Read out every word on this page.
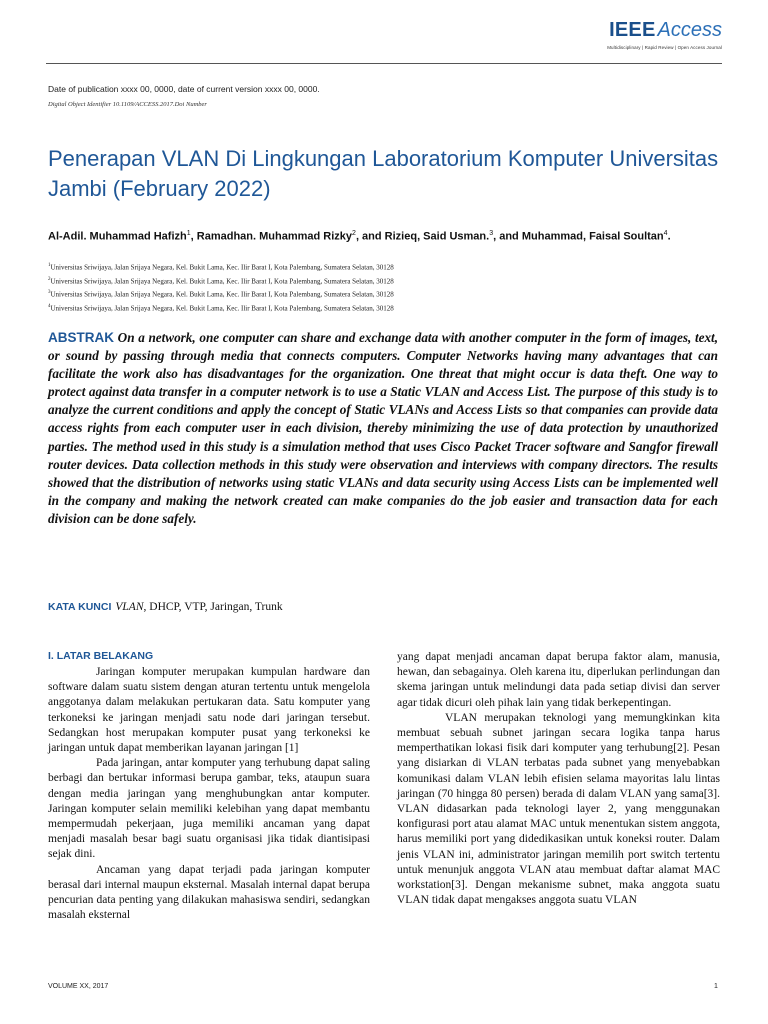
IEEE Access
Multidisciplinary | Rapid Review | Open Access Journal
Date of publication xxxx 00, 0000, date of current version xxxx 00, 0000.
Digital Object Identifier 10.1109/ACCESS.2017.Doi Number
Penerapan VLAN Di Lingkungan Laboratorium Komputer Universitas Jambi (February 2022)
Al-Adil. Muhammad Hafizh$^1$, Ramadhan. Muhammad Rizky$^2$, and Rizieq, Said Usman.$^3$, and Muhammad, Faisal Soultan$^4$.
$^1$Universitas Sriwijaya, Jalan Srijaya Negara, Kel. Bukit Lama, Kec. Ilir Barat I, Kota Palembang, Sumatera Selatan, 30128
$^2$Universitas Sriwijaya, Jalan Srijaya Negara, Kel. Bukit Lama, Kec. Ilir Barat I, Kota Palembang, Sumatera Selatan, 30128
$^3$Universitas Sriwijaya, Jalan Srijaya Negara, Kel. Bukit Lama, Kec. Ilir Barat I, Kota Palembang, Sumatera Selatan, 30128
$^4$Universitas Sriwijaya, Jalan Srijaya Negara, Kel. Bukit Lama, Kec. Ilir Barat I, Kota Palembang, Sumatera Selatan, 30128
ABSTRAK On a network, one computer can share and exchange data with another computer in the form of images, text, or sound by passing through media that connects computers. Computer Networks having many advantages that can facilitate the work also has disadvantages for the organization. One threat that might occur is data theft. One way to protect against data transfer in a computer network is to use a Static VLAN and Access List. The purpose of this study is to analyze the current conditions and apply the concept of Static VLANs and Access Lists so that companies can provide data access rights from each computer user in each division, thereby minimizing the use of data protection by unauthorized parties. The method used in this study is a simulation method that uses Cisco Packet Tracer software and Sangfor firewall router devices. Data collection methods in this study were observation and interviews with company directors. The results showed that the distribution of networks using static VLANs and data security using Access Lists can be implemented well in the company and making the network created can make companies do the job easier and transaction data for each division can be done safely.
KATA KUNCI VLAN, DHCP, VTP, Jaringan, Trunk
I. LATAR BELAKANG

Jaringan komputer merupakan kumpulan hardware dan software dalam suatu sistem dengan aturan tertentu untuk mengelola anggotanya dalam melakukan pertukaran data. Satu komputer yang terkoneksi ke jaringan menjadi satu node dari jaringan tersebut. Sedangkan host merupakan komputer pusat yang terkoneksi ke jaringan untuk dapat memberikan layanan jaringan [1]

Pada jaringan, antar komputer yang terhubung dapat saling berbagi dan bertukar informasi berupa gambar, teks, ataupun suara dengan media jaringan yang menghubungkan antar komputer. Jaringan komputer selain memiliki kelebihan yang dapat membantu mempermudah pekerjaan, juga memiliki ancaman yang dapat menjadi masalah besar bagi suatu organisasi jika tidak diantisipasi sejak dini.

Ancaman yang dapat terjadi pada jaringan komputer berasal dari internal maupun eksternal. Masalah internal dapat berupa pencurian data penting yang dilakukan mahasiswa sendiri, sedangkan masalah eksternal

yang dapat menjadi ancaman dapat berupa faktor alam, manusia, hewan, dan sebagainya. Oleh karena itu, diperlukan perlindungan dan skema jaringan untuk melindungi data pada setiap divisi dan server agar tidak dicuri oleh pihak lain yang tidak berkepentingan.

VLAN merupakan teknologi yang memungkinkan kita membuat sebuah subnet jaringan secara logika tanpa harus memperthatikan lokasi fisik dari komputer yang terhubung[2]. Pesan yang disiarkan di VLAN terbatas pada subnet yang menyebabkan komunikasi dalam VLAN lebih efisien selama mayoritas lalu lintas jaringan (70 hingga 80 persen) berada di dalam VLAN yang sama[3]. VLAN didasarkan pada teknologi layer 2, yang menggunakan konfigurasi port atau alamat MAC untuk menentukan sistem anggota, harus memiliki port yang didedikasikan untuk koneksi router. Dalam jenis VLAN ini, administrator jaringan memilih port switch tertentu untuk menunjuk anggota VLAN atau membuat daftar alamat MAC workstation[3]. Dengan mekanisme subnet, maka anggota suatu VLAN tidak dapat mengakses anggota suatu VLAN

VOLUME XX, 2017	1
